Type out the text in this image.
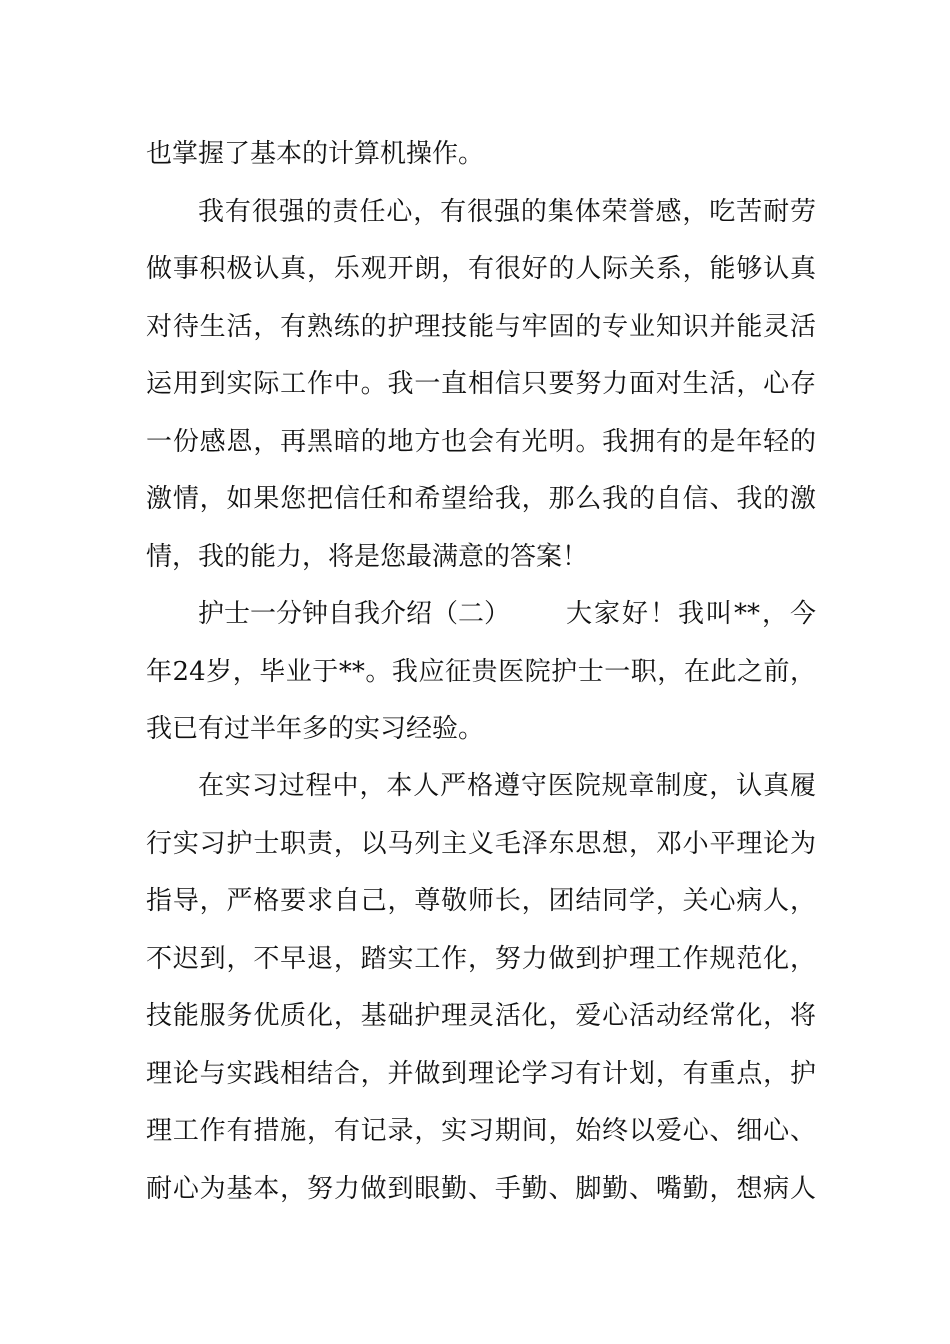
也掌握了基本的计算机操作。
我有很强的责任心，有很强的集体荣誉感，吃苦耐劳
做事积极认真，乐观开朗，有很好的人际关系，能够认真
对待生活，有熟练的护理技能与牢固的专业知识并能灵活
运用到实际工作中。我一直相信只要努力面对生活，心存
一份感恩，再黑暗的地方也会有光明。我拥有的是年轻的
激情，如果您把信任和希望给我，那么我的自信、我的激
情，我的能力，将是您最满意的答案！
护士一分钟自我介绍（二） 大家好！我叫**，今
年24岁，毕业于**。我应征贵医院护士一职，在此之前，
我已有过半年多的实习经验。
在实习过程中，本人严格遵守医院规章制度，认真履
行实习护士职责，以马列主义毛泽东思想，邓小平理论为
指导，严格要求自己，尊敬师长，团结同学，关心病人，
不迟到，不早退，踏实工作，努力做到护理工作规范化，
技能服务优质化，基础护理灵活化，爱心活动经常化，将
理论与实践相结合，并做到理论学习有计划，有重点，护
理工作有措施，有记录，实习期间，始终以爱心、细心、
耐心为基本，努力做到眼勤、手勤、脚勤、嘴勤，想病人
